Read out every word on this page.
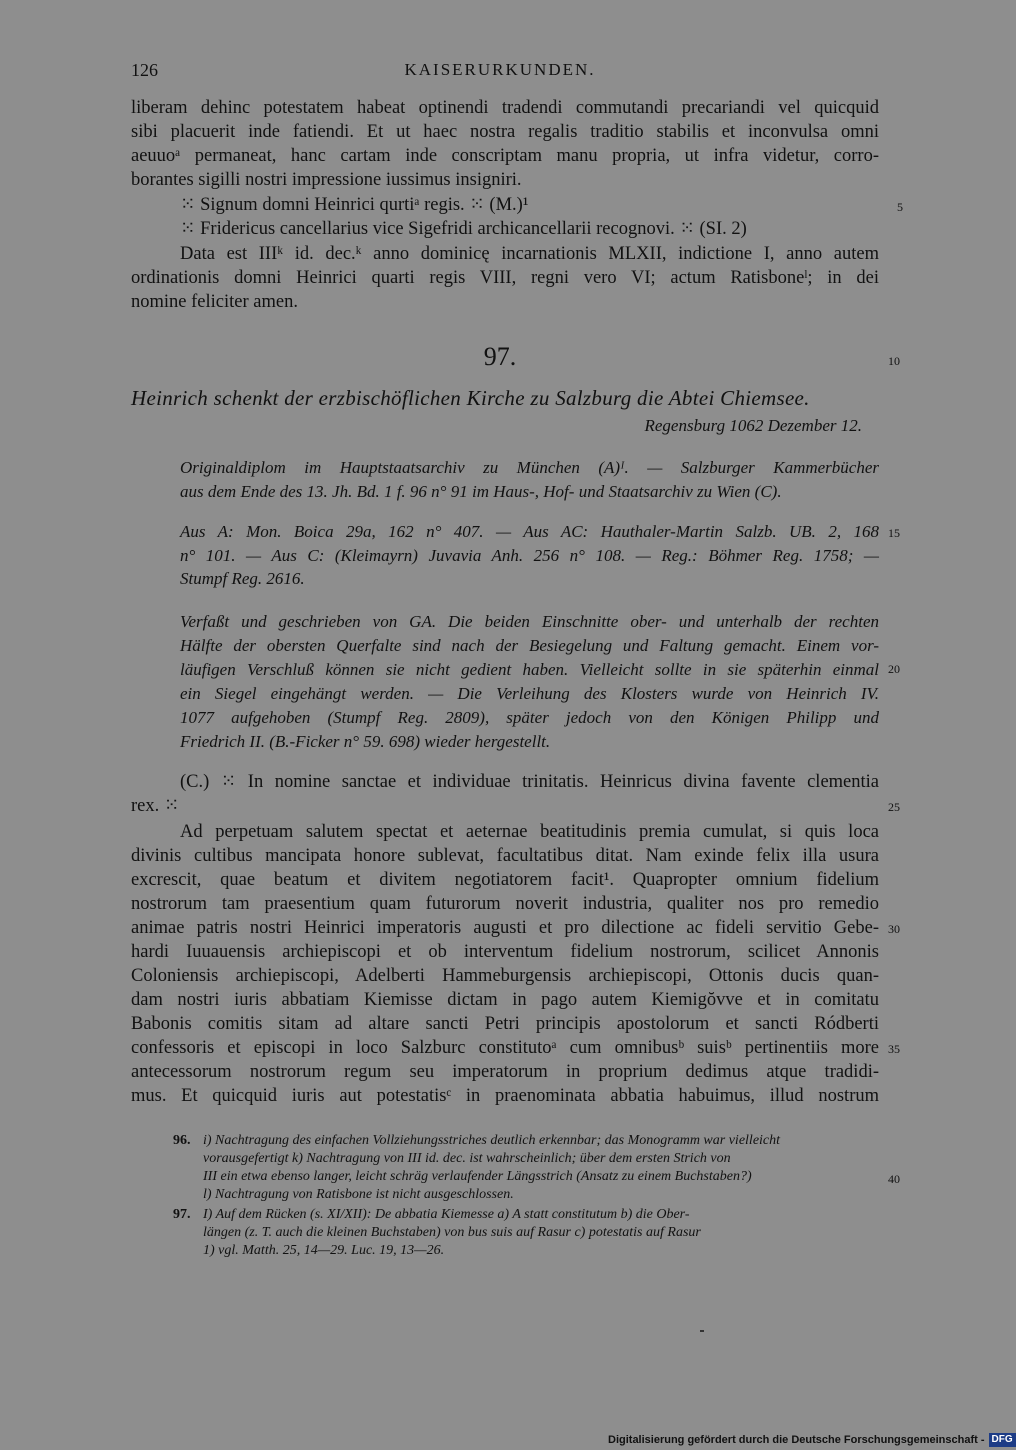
126	KAISERURKUNDEN.
liberam dehinc potestatem habeat optinendi tradendi commutandi precariandi vel quicquid
sibi placuerit inde fatiendi. Et ut haec nostra regalis traditio stabilis et inconvulsa omni
aeuuoᵃ permaneat, hanc cartam inde conscriptam manu propria, ut infra videtur, corro-
borantes sigilli nostri impressione iussimus insigniri.
⁙ Signum domni Heinrici qurtiᵃ regis. ⁙ (M.)¹	5
⁙ Fridericus cancellarius vice Sigefridi archicancellarii recognovi. ⁙ (SI. 2)
Data est IIIᵏ id. dec.ᵏ anno dominicę incarnationis MLXII, indictione I, anno autem
ordinationis domni Heinrici quarti regis VIII, regni vero VI; actum Ratisboneˡ; in dei
nomine feliciter amen.
97.	10
Heinrich schenkt der erzbischöflichen Kirche zu Salzburg die Abtei Chiemsee.
Regensburg 1062 Dezember 12.
Originaldiplom im Hauptstaatsarchiv zu München (A)ᴵ. — Salzburger Kammerbücher
aus dem Ende des 13. Jh. Bd. 1 f. 96 n° 91 im Haus-, Hof- und Staatsarchiv zu Wien (C).
Aus A: Mon. Boica 29a, 162 n° 407. — Aus AC: Hauthaler-Martin Salzb. UB. 2, 168 15
n° 101. — Aus C: (Kleimayrn) Juvavia Anh. 256 n° 108. — Reg.: Böhmer Reg. 1758; —
Stumpf Reg. 2616.
Verfaßt und geschrieben von GA. Die beiden Einschnitte ober- und unterhalb der rechten
Hälfte der obersten Querfalte sind nach der Besiegelung und Faltung gemacht. Einem vor-
läufigen Verschluß können sie nicht gedient haben. Vielleicht sollte in sie späterhin einmal 20
ein Siegel eingehängt werden. — Die Verleihung des Klosters wurde von Heinrich IV.
1077 aufgehoben (Stumpf Reg. 2809), später jedoch von den Königen Philipp und
Friedrich II. (B.-Ficker n° 59. 698) wieder hergestellt.
(C.) ⁙ In nomine sanctae et individuae trinitatis. Heinricus divina favente clementia
rex. ⁙	25
Ad perpetuam salutem spectat et aeternae beatitudinis premia cumulat, si quis loca
divinis cultibus mancipata honore sublevat, facultatibus ditat. Nam exinde felix illa usura
excrescit, quae beatum et divitem negotiatorem facit¹. Quapropter omnium fidelium
nostrorum tam praesentium quam futurorum noverit industria, qualiter nos pro remedio
animae patris nostri Heinrici imperatoris augusti et pro dilectione ac fideli servitio Gebe- 30
hardi Iuuauensis archiepiscopi et ob interventum fidelium nostrorum, scilicet Annonis
Coloniensis archiepiscopi, Adelberti Hammeburgensis archiepiscopi, Ottonis ducis quan-
dam nostri iuris abbatiam Kiemisse dictam in pago autem Kiemigŏvve et in comitatu
Babonis comitis sitam ad altare sancti Petri principis apostolorum et sancti Ródberti
confessoris et episcopi in loco Salzburc constitutoᵃ cum omnibusᵇ suisᵇ pertinentiis more 35
antecessorum nostrorum regum seu imperatorum in proprium dedimus atque tradidi-
mus. Et quicquid iuris aut potestatisᶜ in praenominata abbatia habuimus, illud nostrum
96. i) Nachtragung des einfachen Vollziehungsstriches deutlich erkennbar; das Monogramm war vielleicht
vorausgefertigt k) Nachtragung von III id. dec. ist wahrscheinlich; über dem ersten Strich von
III ein etwa ebenso langer, leicht schräg verlaufender Längsstrich (Ansatz zu einem Buchstaben?)	40
l) Nachtragung von Ratisbone ist nicht ausgeschlossen.
97. I) Auf dem Rücken (s. XI/XII): De abbatia Kiemesse a) A statt constitutum b) die Ober-
längen (z. T. auch die kleinen Buchstaben) von bus suis auf Rasur c) potestatis auf Rasur
1) vgl. Matth. 25, 14—29. Luc. 19, 13—26.
Digitalisierung gefördert durch die Deutsche Forschungsgemeinschaft - DFG
